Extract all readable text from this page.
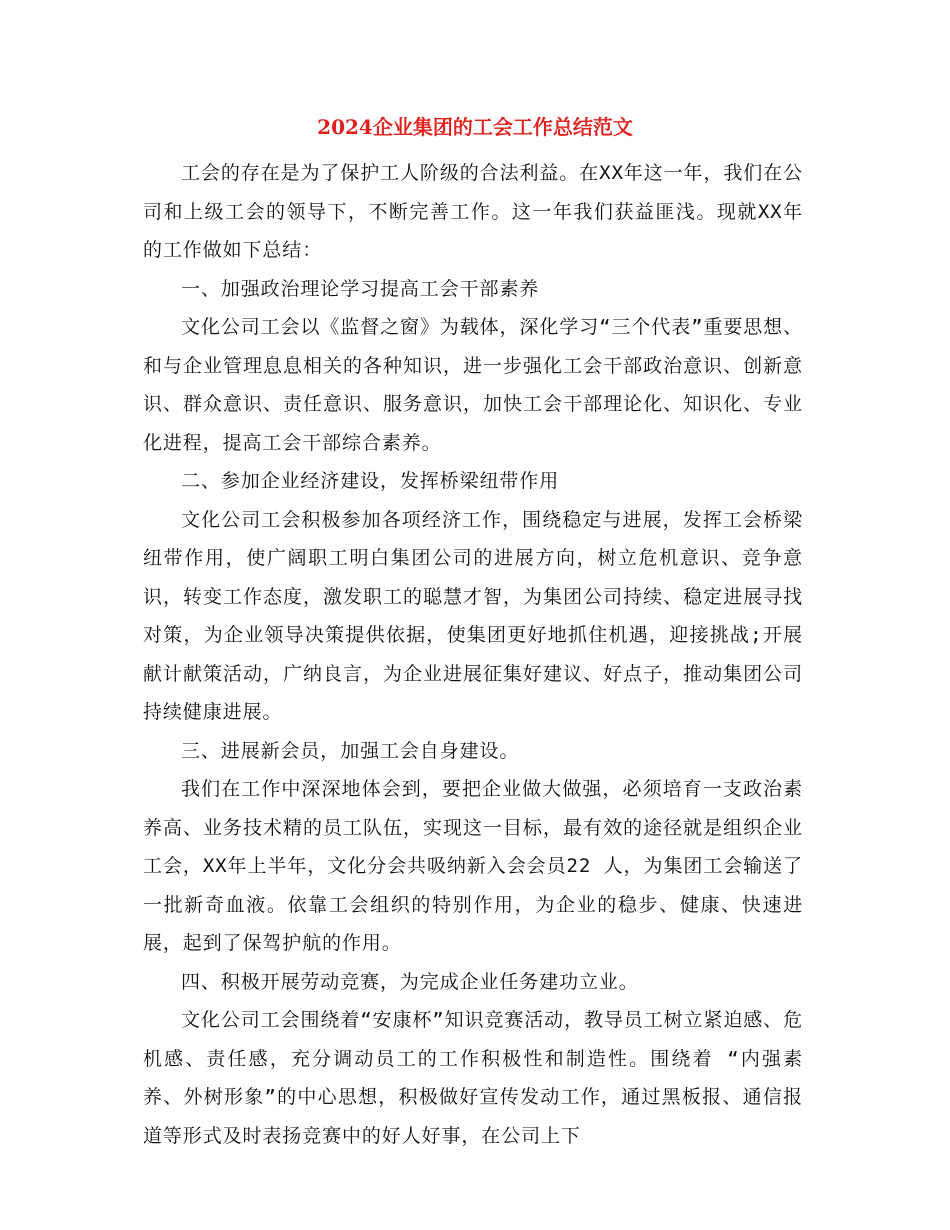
2024企业集团的工会工作总结范文

工会的存在是为了保护工人阶级的合法利益。在XX年这一年，我们在公司和上级工会的领导下，不断完善工作。这一年我们获益匪浅。现就XX年的工作做如下总结：

一、加强政治理论学习提高工会干部素养

文化公司工会以《监督之窗》为载体，深化学习“三个代表”重要思想、和与企业管理息息相关的各种知识，进一步强化工会干部政治意识、创新意识、群众意识、责任意识、服务意识，加快工会干部理论化、知识化、专业化进程，提高工会干部综合素养。

二、参加企业经济建设，发挥桥梁纽带作用

文化公司工会积极参加各项经济工作，围绕稳定与进展，发挥工会桥梁纽带作用，使广阔职工明白集团公司的进展方向，树立危机意识、竞争意识，转变工作态度，激发职工的聪慧才智，为集团公司持续、稳定进展寻找对策，为企业领导决策提供依据，使集团更好地抓住机遇，迎接挑战;开展献计献策活动，广纳良言，为企业进展征集好建议、好点子，推动集团公司持续健康进展。

三、进展新会员，加强工会自身建设。

我们在工作中深深地体会到，要把企业做大做强，必须培育一支政治素养高、业务技术精的员工队伍，实现这一目标，最有效的途径就是组织企业工会，XX年上半年，文化分会共吸纳新入会会员22 人，为集团工会输送了一批新奇血液。依靠工会组织的特别作用，为企业的稳步、健康、快速进展，起到了保驾护航的作用。

四、积极开展劳动竞赛，为完成企业任务建功立业。

文化公司工会围绕着“安康杯”知识竞赛活动，教导员工树立紧迫感、危机感、责任感，充分调动员工的工作积极性和制造性。围绕着 “内强素养、外树形象”的中心思想，积极做好宣传发动工作，通过黑板报、通信报道等形式及时表扬竞赛中的好人好事，在公司上下
